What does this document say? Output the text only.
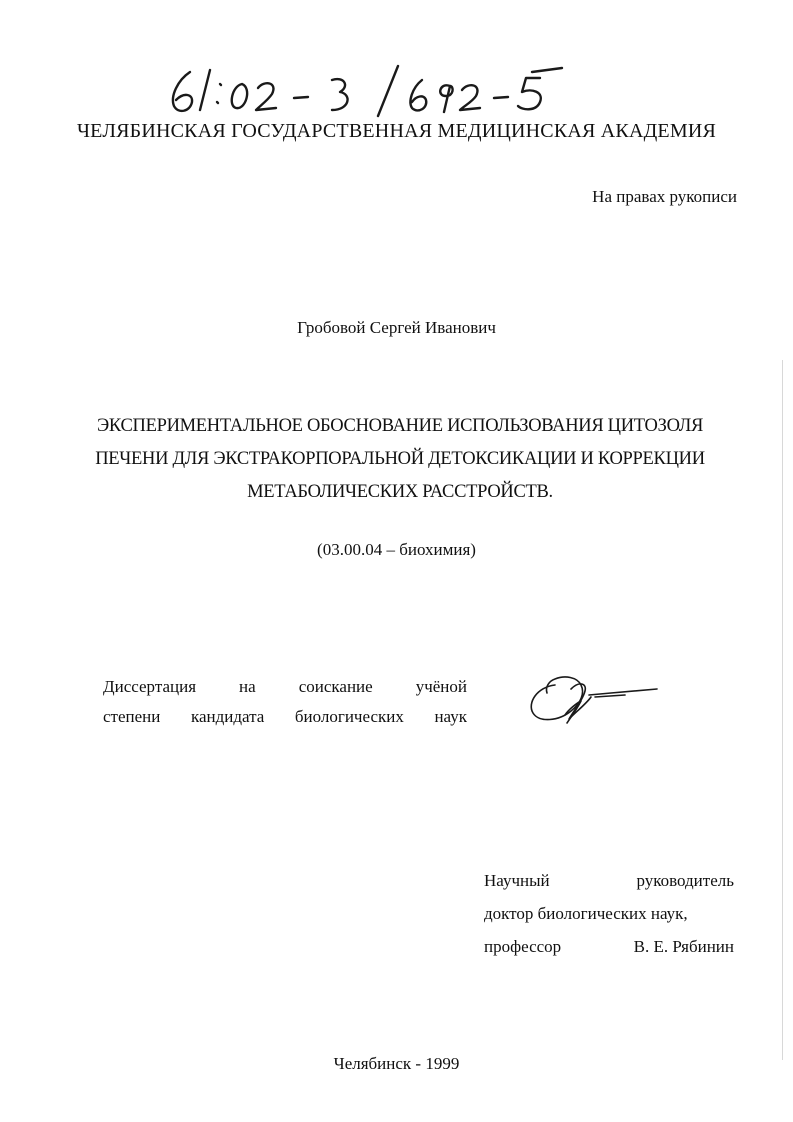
ЧЕЛЯБИНСКАЯ ГОСУДАРСТВЕННАЯ МЕДИЦИНСКАЯ АКАДЕМИЯ
На правах рукописи
Гробовой Сергей Иванович
ЭКСПЕРИМЕНТАЛЬНОЕ ОБОСНОВАНИЕ ИСПОЛЬЗОВАНИЯ ЦИТОЗОЛЯ
ПЕЧЕНИ ДЛЯ ЭКСТРАКОРПОРАЛЬНОЙ ДЕТОКСИКАЦИИ И КОРРЕКЦИИ
МЕТАБОЛИЧЕСКИХ РАССТРОЙСТВ.
(03.00.04 – биохимия)
Диссертация	на	соискание	учёной
степени кандидата биологических наук
Научный	руководитель
доктор биологических наук,
профессор	В. Е. Рябинин
Челябинск - 1999
